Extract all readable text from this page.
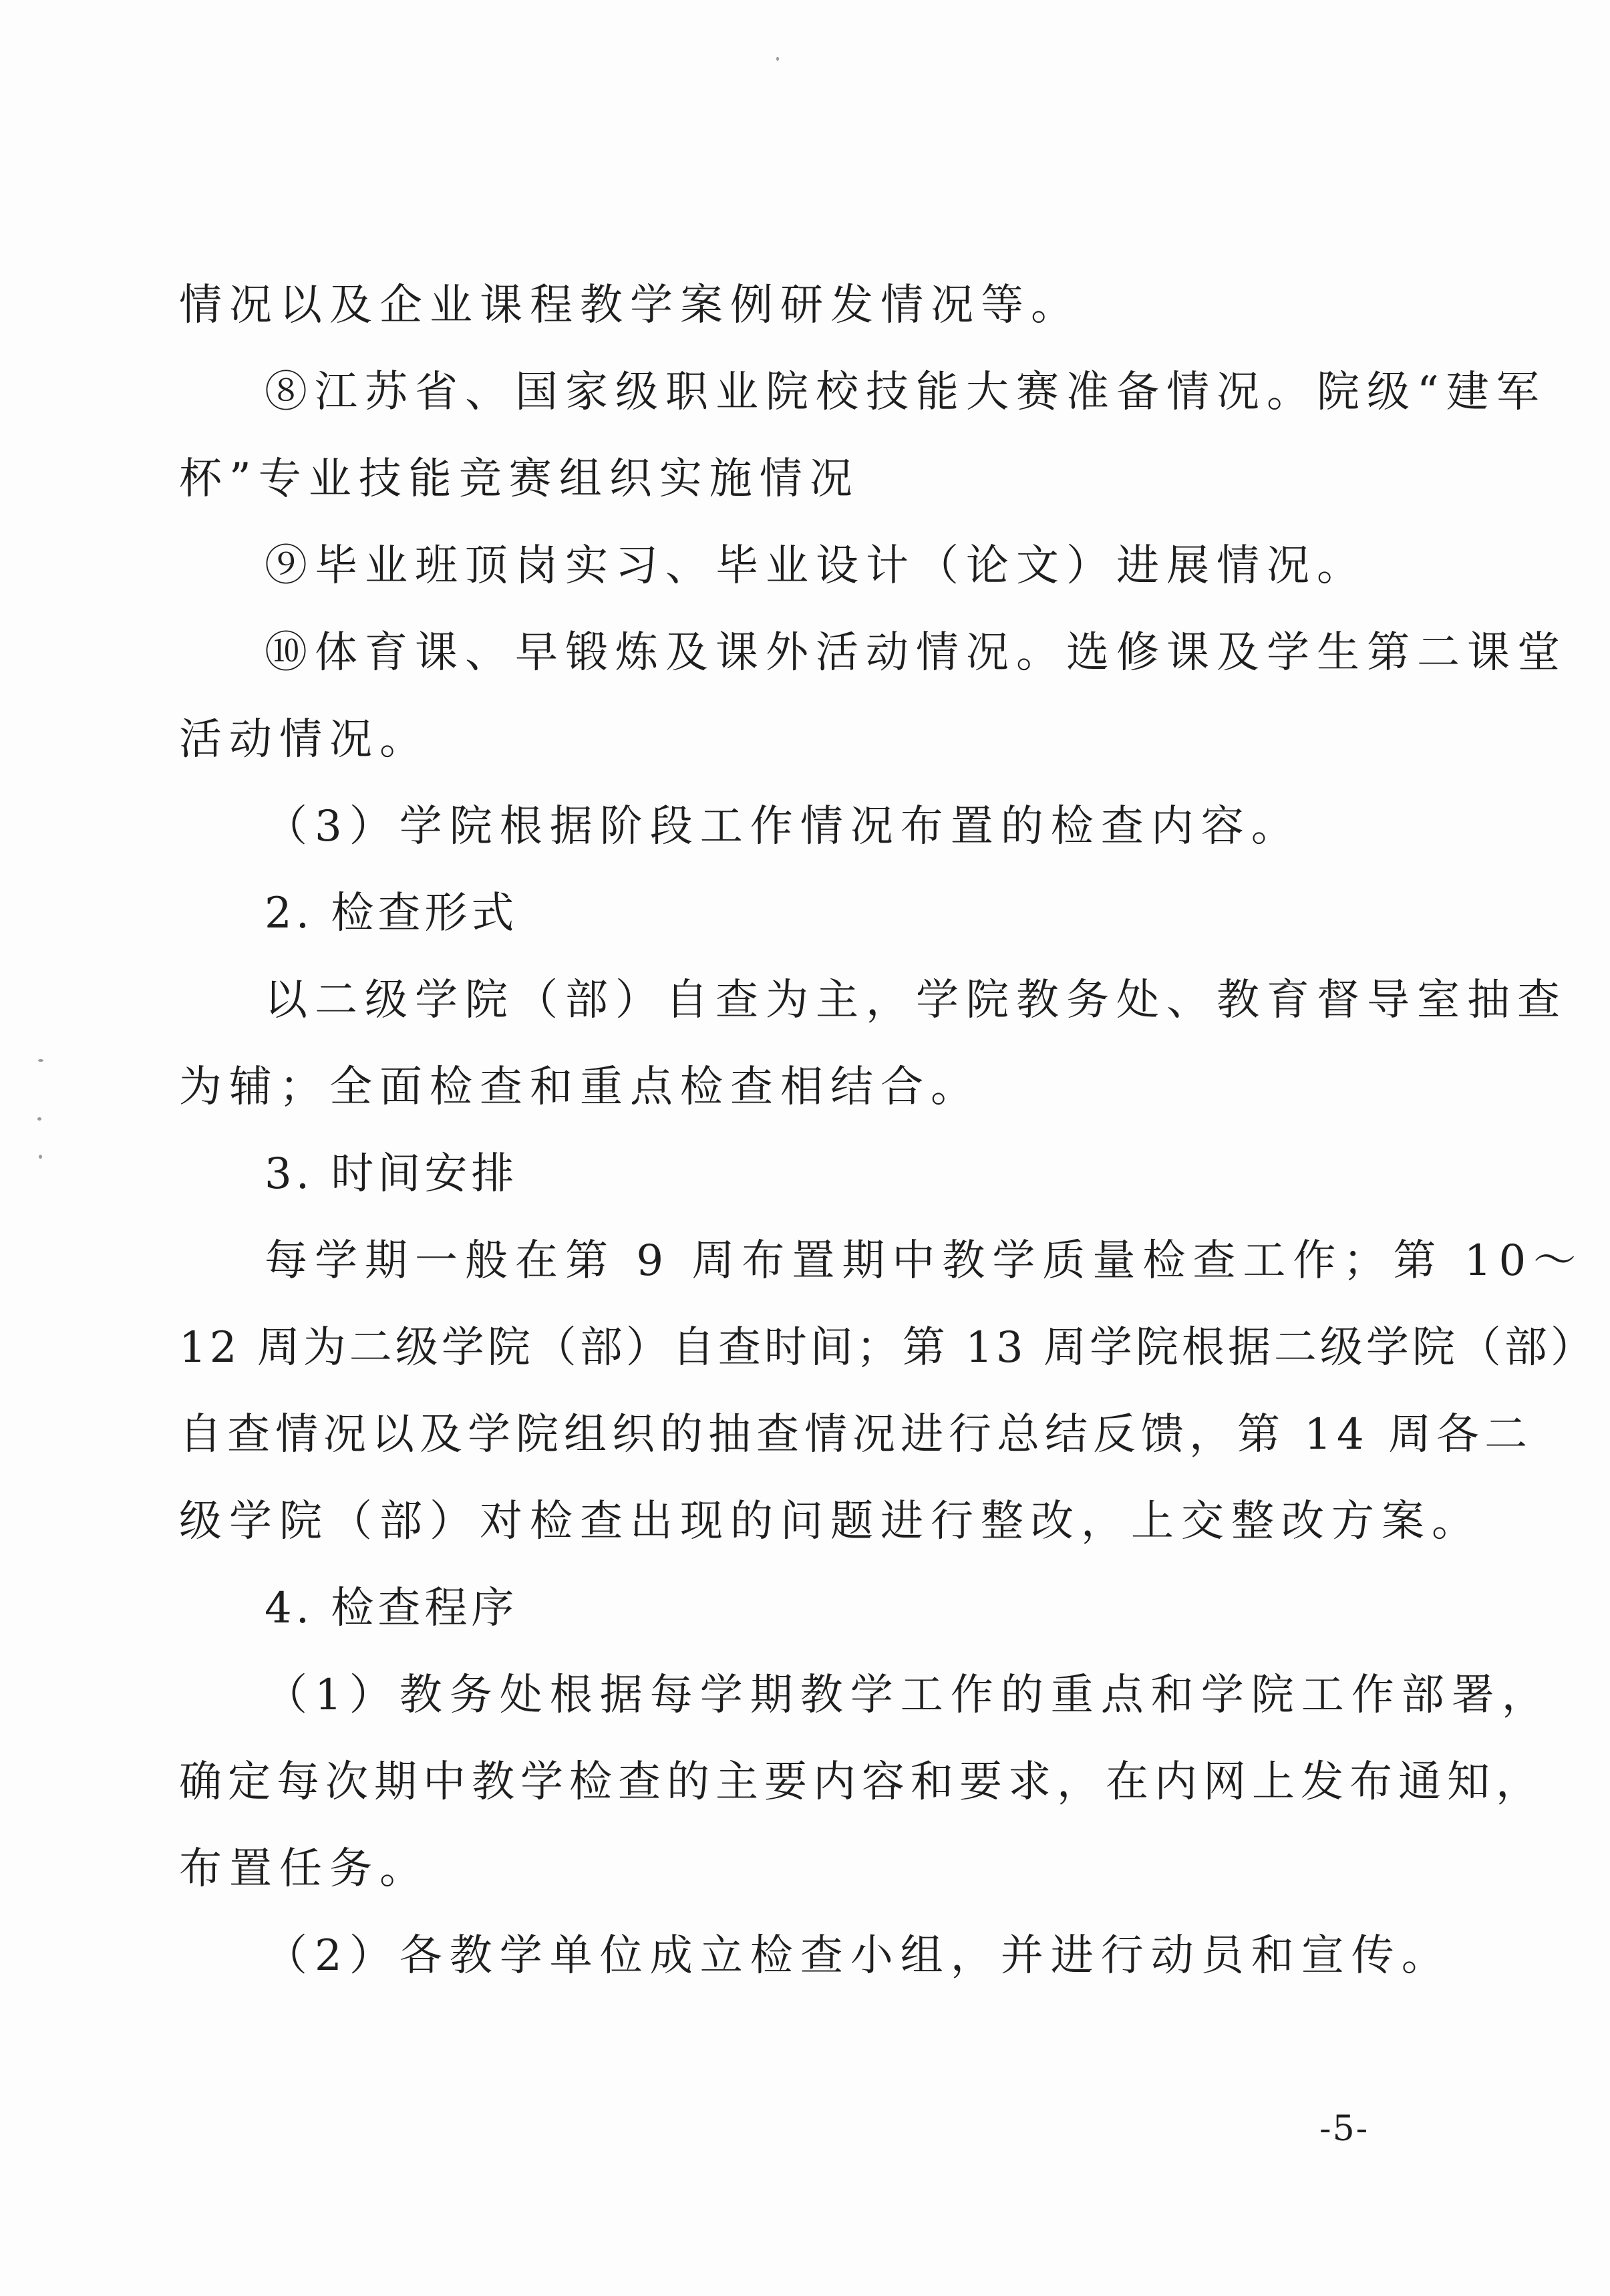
情况以及企业课程教学案例研发情况等。
⑧江苏省、国家级职业院校技能大赛准备情况。院级“建军
杯”专业技能竞赛组织实施情况
⑨毕业班顶岗实习、毕业设计（论文）进展情况。
⑩体育课、早锻炼及课外活动情况。选修课及学生第二课堂
活动情况。
（3）学院根据阶段工作情况布置的检查内容。
2. 检查形式
以二级学院（部）自查为主，学院教务处、教育督导室抽查
为辅；全面检查和重点检查相结合。
3. 时间安排
每学期一般在第 9 周布置期中教学质量检查工作；第 10～
12 周为二级学院（部）自查时间；第 13 周学院根据二级学院（部）
自查情况以及学院组织的抽查情况进行总结反馈，第 14 周各二
级学院（部）对检查出现的问题进行整改，上交整改方案。
4. 检查程序
（1）教务处根据每学期教学工作的重点和学院工作部署，
确定每次期中教学检查的主要内容和要求，在内网上发布通知，
布置任务。
（2）各教学单位成立检查小组，并进行动员和宣传。
-5-
